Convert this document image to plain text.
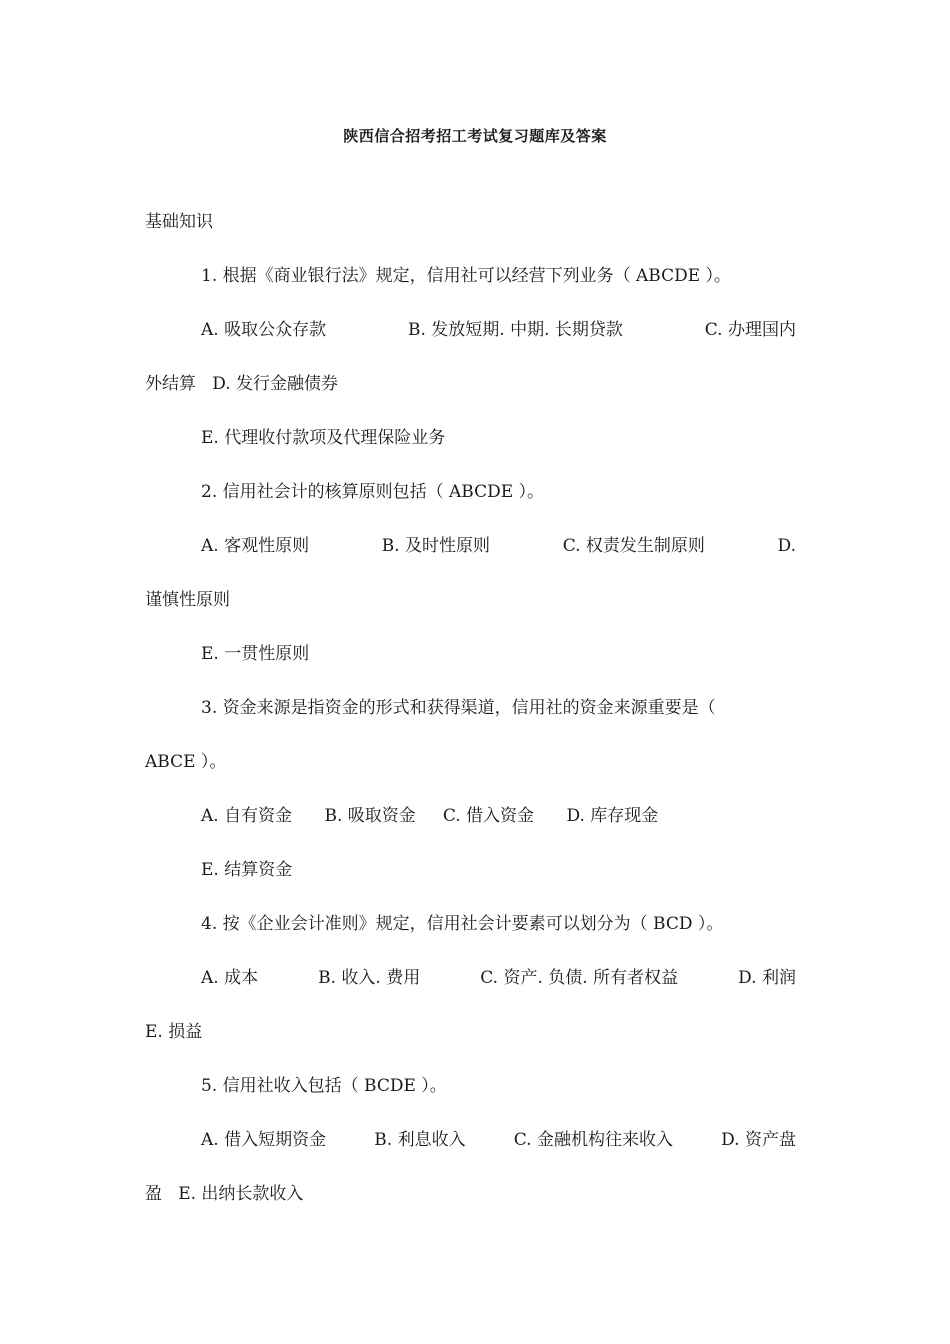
陕西信合招考招工考试复习题库及答案
基础知识
1. 根据《商业银行法》规定，信用社可以经营下列业务（ ABCDE ）。
A. 吸取公众存款	B. 发放短期. 中期. 长期贷款	C. 办理国内
外结算   D. 发行金融债券
E. 代理收付款项及代理保险业务
2. 信用社会计的核算原则包括（ ABCDE ）。
A. 客观性原则	B. 及时性原则	C. 权责发生制原则	D.
谨慎性原则
E. 一贯性原则
3. 资金来源是指资金的形式和获得渠道，信用社的资金来源重要是（
ABCE ）。
A. 自有资金      B. 吸取资金     C. 借入资金      D. 库存现金
E. 结算资金
4. 按《企业会计准则》规定，信用社会计要素可以划分为（ BCD ）。
A. 成本	B. 收入. 费用	C. 资产. 负债. 所有者权益	D. 利润
E. 损益
5. 信用社收入包括（ BCDE ）。
A. 借入短期资金	B. 利息收入	C. 金融机构往来收入	D. 资产盘
盈   E. 出纳长款收入
